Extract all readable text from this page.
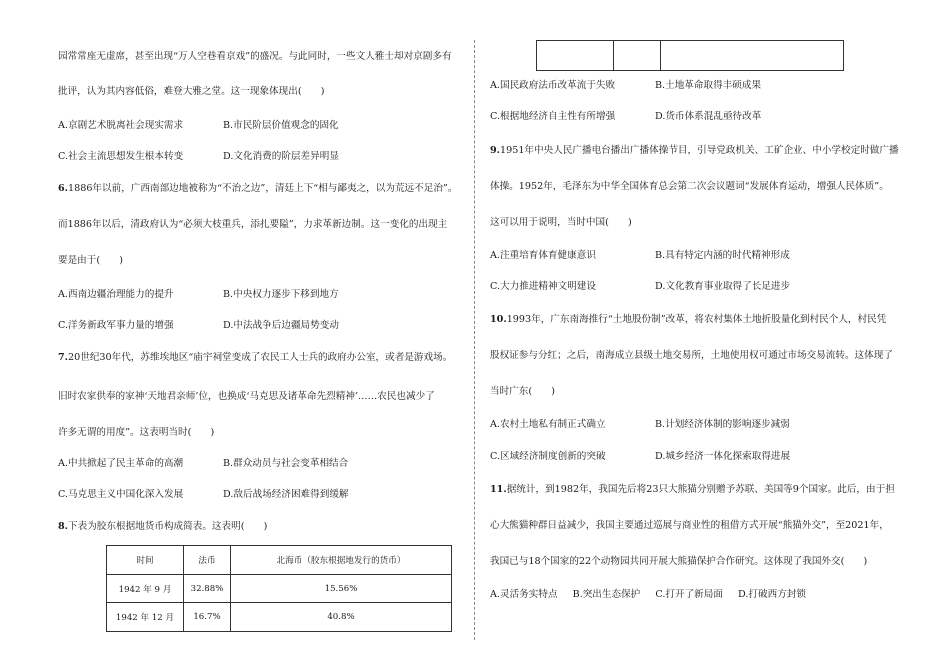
园常常座无虚席，甚至出现“万人空巷看京戏”的盛况。与此同时，一些文人雅士却对京剧多有
批评，认为其内容低俗，难登大雅之堂。这一现象体现出(　　)
A.京剧艺术脱离社会现实需求	B.市民阶层价值观念的固化
C.社会主流思想发生根本转变	D.文化消费的阶层差异明显
6.1886年以前，广西南部边地被称为“不治之边”，清廷上下“相与鄙夷之，以为荒远不足治”。
而1886年以后，清政府认为“必须大枝重兵，添扎要隘”，力求革新边制。这一变化的出现主
要是由于(　　)
A.西南边疆治理能力的提升	B.中央权力逐步下移到地方
C.洋务新政军事力量的增强	D.中法战争后边疆局势变动
7.20世纪30年代，苏维埃地区“庙宇祠堂变成了农民工人士兵的政府办公室，或者是游戏场。
旧时农家供奉的家神‘天地君亲师’位，也换成‘马克思及诸革命先烈精神’……农民也减少了
许多无谓的用度”。这表明当时(　　)
A.中共掀起了民主革命的高潮	B.群众动员与社会变革相结合
C.马克思主义中国化深入发展	D.敌后战场经济困难得到缓解
8.下表为胶东根据地货币构成简表。这表明(　　)
时间	法币	北海币（胶东根据地发行的货币）
1942 年 9 月	32.88%	15.56%
1942 年 12 月	16.7%	40.8%

A.国民政府法币改革流于失败	B.土地革命取得丰硕成果
C.根据地经济自主性有所增强	D.货币体系混乱亟待改革
9.1951年中央人民广播电台播出广播体操节目，引导党政机关、工矿企业、中小学校定时做广播
体操。1952年，毛泽东为中华全国体育总会第二次会议题词“发展体育运动，增强人民体质”。
这可以用于说明，当时中国(　　)
A.注重培育体育健康意识	B.具有特定内涵的时代精神形成
C.大力推进精神文明建设	D.文化教育事业取得了长足进步
10.1993年，广东南海推行“土地股份制”改革，将农村集体土地折股量化到村民个人，村民凭
股权证参与分红；之后，南海成立县级土地交易所，土地使用权可通过市场交易流转。这体现了
当时广东(　　)
A.农村土地私有制正式确立	B.计划经济体制的影响逐步减弱
C.区域经济制度创新的突破	D.城乡经济一体化探索取得进展
11.据统计，到1982年，我国先后将23只大熊猫分别赠予苏联、美国等9个国家。此后，由于担
心大熊猫种群日益减少，我国主要通过巡展与商业性的租借方式开展“熊猫外交”，至2021年，
我国已与18个国家的22个动物园共同开展大熊猫保护合作研究。这体现了我国外交(　　)
A.灵活务实特点 B.突出生态保护 C.打开了新局面 D.打破西方封锁
